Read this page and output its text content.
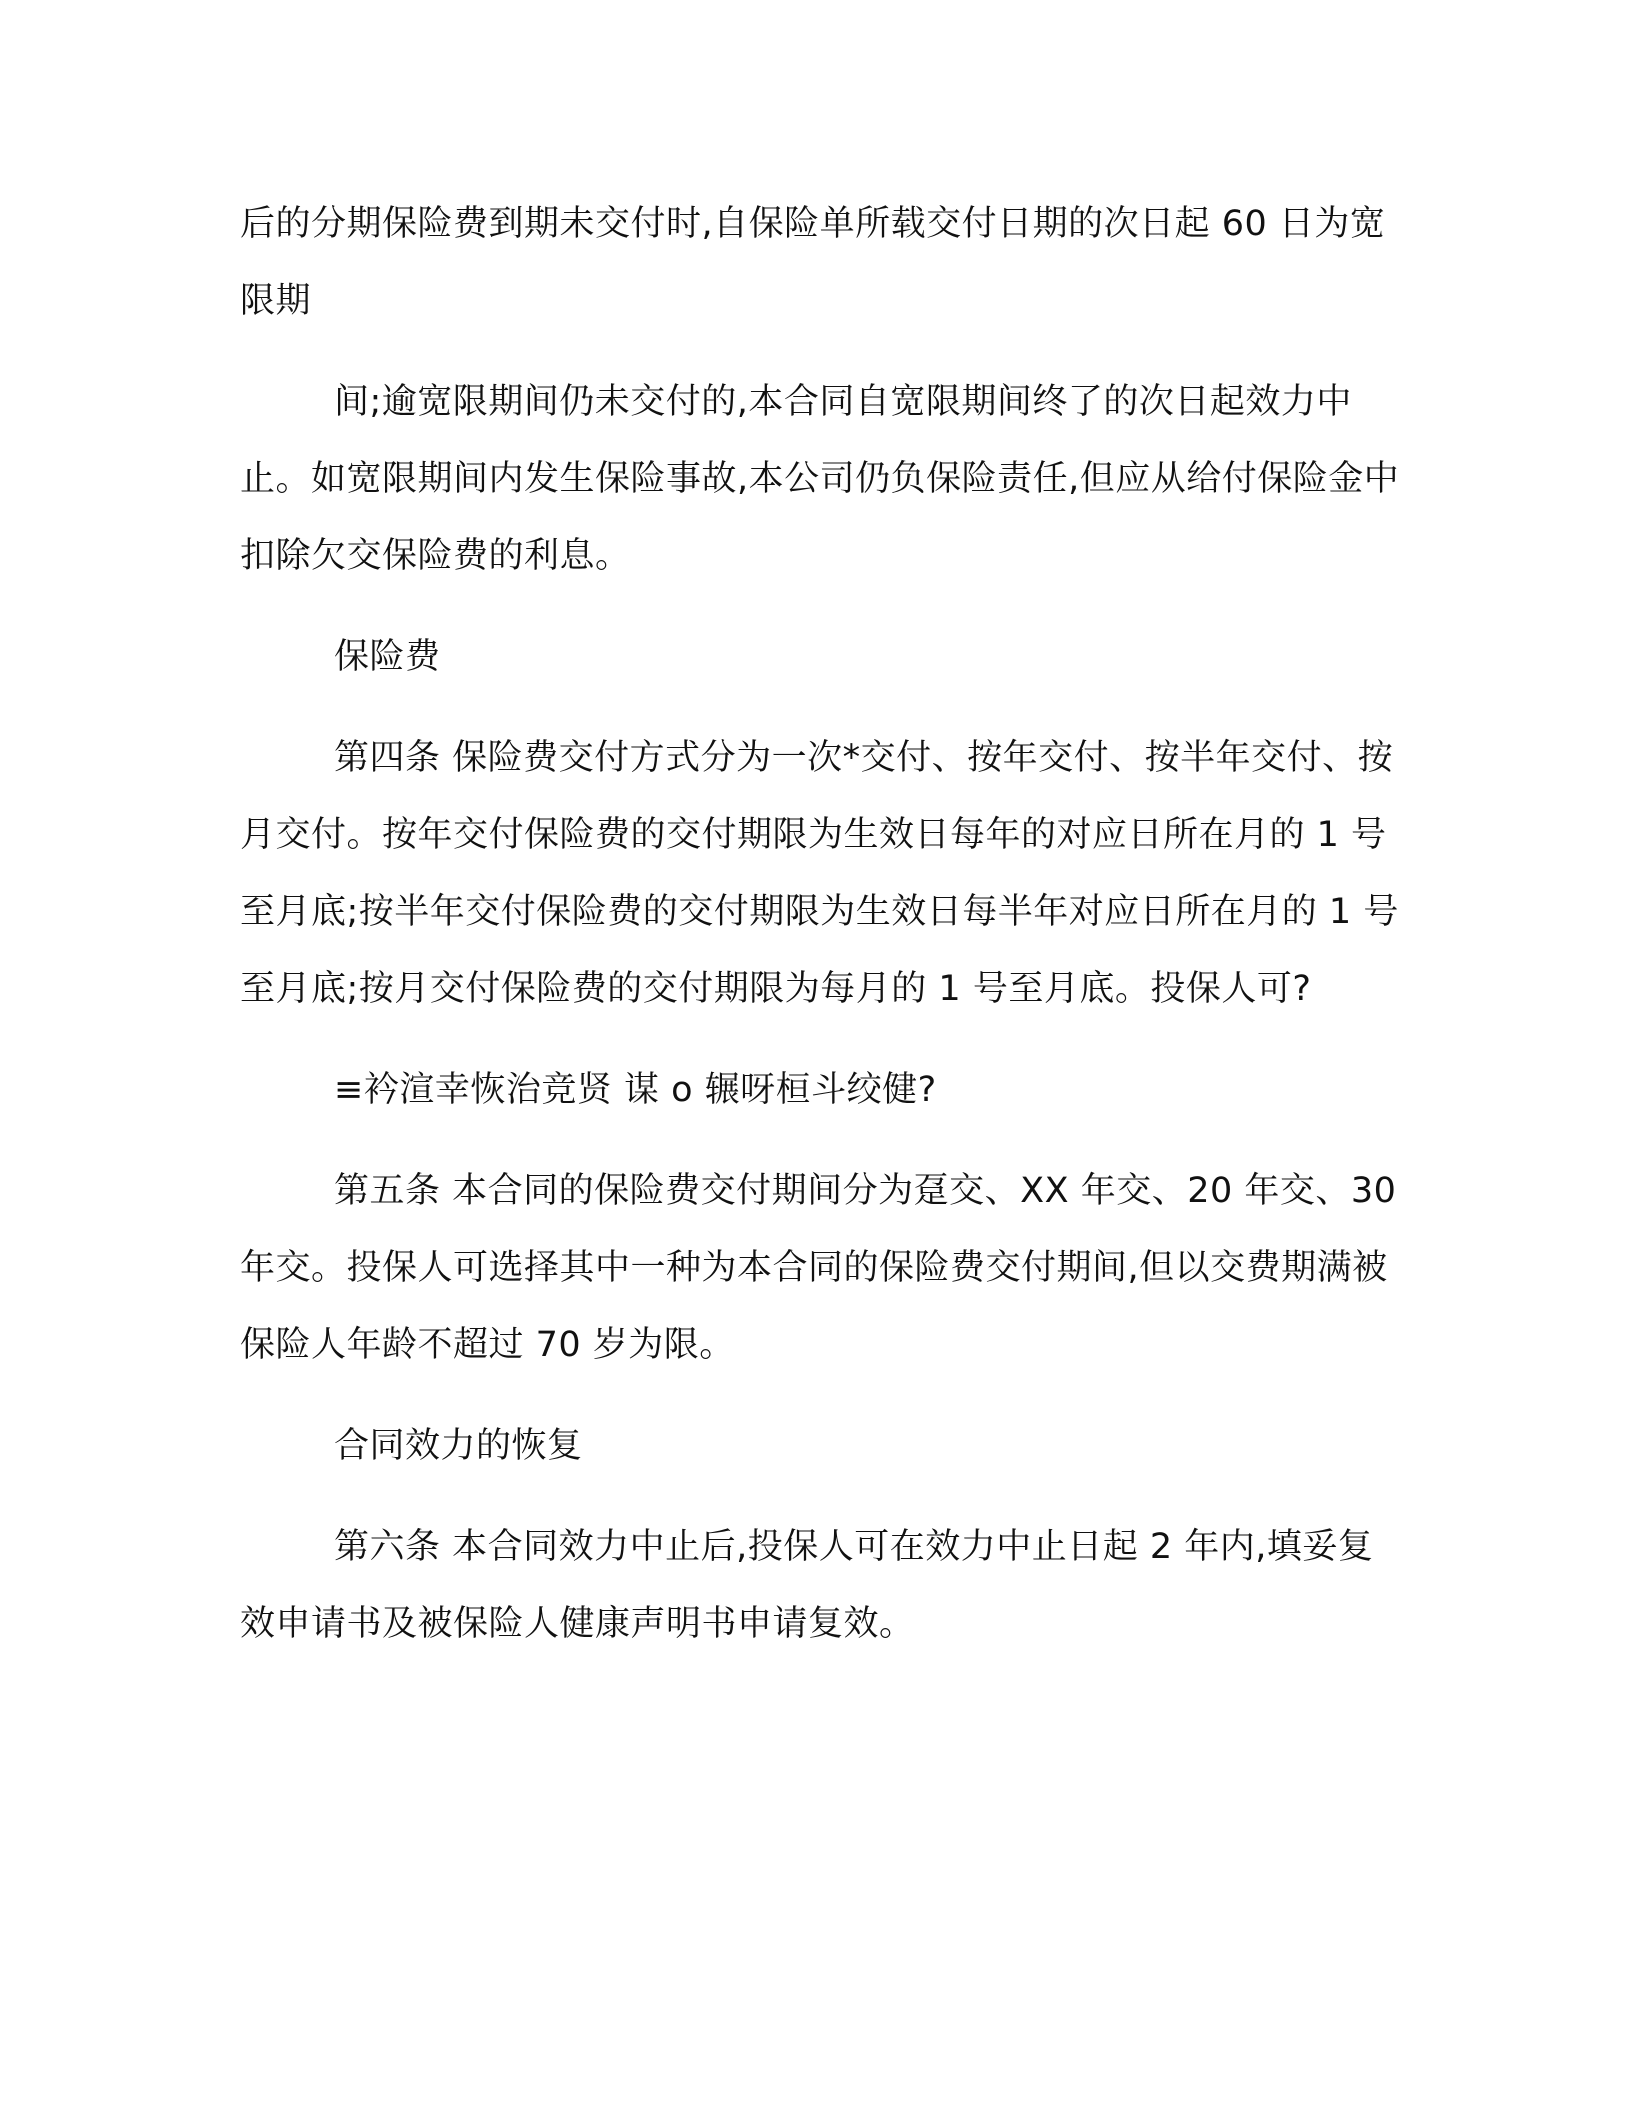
后的分期保险费到期未交付时,自保险单所载交付日期的次日起 60 日为宽限期

间;逾宽限期间仍未交付的,本合同自宽限期间终了的次日起效力中止。如宽限期间内发生保险事故,本公司仍负保险责任,但应从给付保险金中扣除欠交保险费的利息。

保险费

第四条 保险费交付方式分为一次*交付、按年交付、按半年交付、按月交付。按年交付保险费的交付期限为生效日每年的对应日所在月的 1 号至月底;按半年交付保险费的交付期限为生效日每半年对应日所在月的 1 号至月底;按月交付保险费的交付期限为每月的 1 号至月底。投保人可?

≡衿渲幸恢治竞贤 谋 o 辗呀桓斗绞健?

第五条 本合同的保险费交付期间分为趸交、XX 年交、20 年交、30 年交。投保人可选择其中一种为本合同的保险费交付期间,但以交费期满被保险人年龄不超过 70 岁为限。

合同效力的恢复

第六条 本合同效力中止后,投保人可在效力中止日起 2 年内,填妥复效申请书及被保险人健康声明书申请复效。
